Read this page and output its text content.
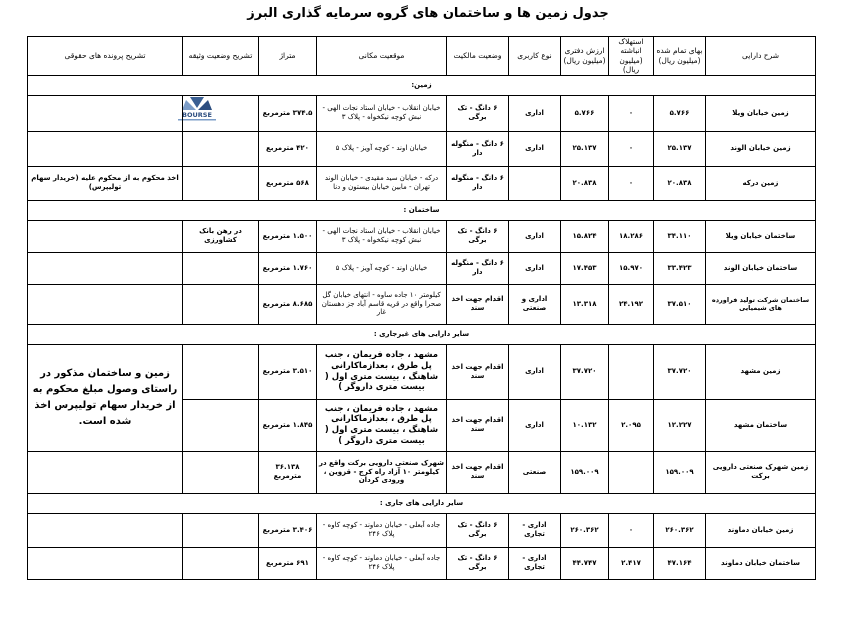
جدول زمین ها و ساختمان های گروه سرمایه گذاری البرز
BOURSE
شرح دارایی	بهای تمام شده (میلیون ریال)	استهلاک انباشته (میلیون ریال)	ارزش دفتری (میلیون ریال)	نوع کاربری	وضعیت مالکیت	موقعیت مکانی	متراژ	تشریح وضعیت وثیقه	تشریح پرونده های حقوقی
زمین:									
زمین خیابان ویلا	۵.۷۶۶	۰	۵.۷۶۶	اداری	۶ دانگ - تک برگی	خیابان انقلاب - خیابان استاد نجات الهی - نبش کوچه نیکخواه - پلاک ۳	۳۷۴.۵ مترمربع		
زمین خیابان الوند	۲۵.۱۳۷	۰	۲۵.۱۳۷	اداری	۶ دانگ - منگوله دار	خیابان اوند - کوچه آویز - پلاک ۵	۴۲۰ مترمربع		
زمین درکه	۲۰.۸۳۸	۰	۲۰.۸۳۸		۶ دانگ - منگوله دار	درکه - خیابان سید مقیدی - خیابان الوند تهران - مابین خیابان بیستون و دنا	۵۶۸ مترمربع		اخذ محکوم به از محکوم علیه (خریدار سهام تولیپرس)
ساختمان :									
ساختمان خیابان ویلا	۳۴.۱۱۰	۱۸.۲۸۶	۱۵.۸۲۴	اداری	۶ دانگ - تک برگی	خیابان انقلاب - خیابان استاد نجات الهی - نبش کوچه نیکخواه - پلاک ۳	۱.۵۰۰ مترمربع	در رهن بانک کشاورزی	
ساختمان خیابان الوند	۳۳.۴۲۳	۱۵.۹۷۰	۱۷.۴۵۳	اداری	۶ دانگ - منگوله دار	خیابان اوند - کوچه آویز - پلاک ۵	۱.۷۶۰ مترمربع		
ساختمان شرکت تولید فراورده های شیمیایی	۳۷.۵۱۰	۲۴.۱۹۲	۱۳.۳۱۸	اداری و صنعتی	اقدام جهت اخذ سند	کیلومتر ۱۰ جاده ساوه - انتهای خیابان گل صحرا واقع در قریه قاسم آباد جز دهستان غار	۸.۶۸۵ مترمربع		
سایر دارایی های غیرجاری :									
زمین مشهد	۳۷.۷۲۰		۳۷.۷۲۰	اداری	اقدام جهت اخذ سند	مشهد ، جاده فریمان ، جنب پل طرق ، بعدازماکارانی شاهنگ ، بیست متری اول ( بیست متری داروگر )	۳.۵۱۰ مترمربع		زمین و ساختمان مذکور در راستای وصول مبلغ محکوم به از خریدار سهام تولیپرس اخذ شده است.
ساختمان مشهد	۱۲.۲۲۷	۲.۰۹۵	۱۰.۱۳۲	اداری	اقدام جهت اخذ سند	مشهد ، جاده فریمان ، جنب پل طرق ، بعدازماکارانی شاهنگ ، بیست متری اول ( بیست متری داروگر )	۱.۸۴۵ مترمربع		
زمین شهرک صنعتی دارویی برکت	۱۵۹.۰۰۹		۱۵۹.۰۰۹	صنعتی	اقدام جهت اخذ سند	شهرک صنعتی دارویی برکت واقع در کیلومتر ۱۰ آزاد راه کرج - قزوین ، ورودی کردان	۳۶.۱۳۸ مترمربع		
سایر دارایی های جاری :									
زمین خیابان دماوند	۲۶۰.۳۶۲	۰	۲۶۰.۳۶۲	اداری - تجاری	۶ دانگ - تک برگی	جاده آبعلی - خیابان دماوند - کوچه کاوه - پلاک ۲۴۶	۳.۴۰۶ مترمربع		
ساختمان خیابان دماوند	۴۷.۱۶۴	۲.۴۱۷	۴۴.۷۴۷	اداری - تجاری	۶ دانگ - تک برگی	جاده آبعلی - خیابان دماوند - کوچه کاوه - پلاک ۲۴۶	۶۹۱ مترمربع		
